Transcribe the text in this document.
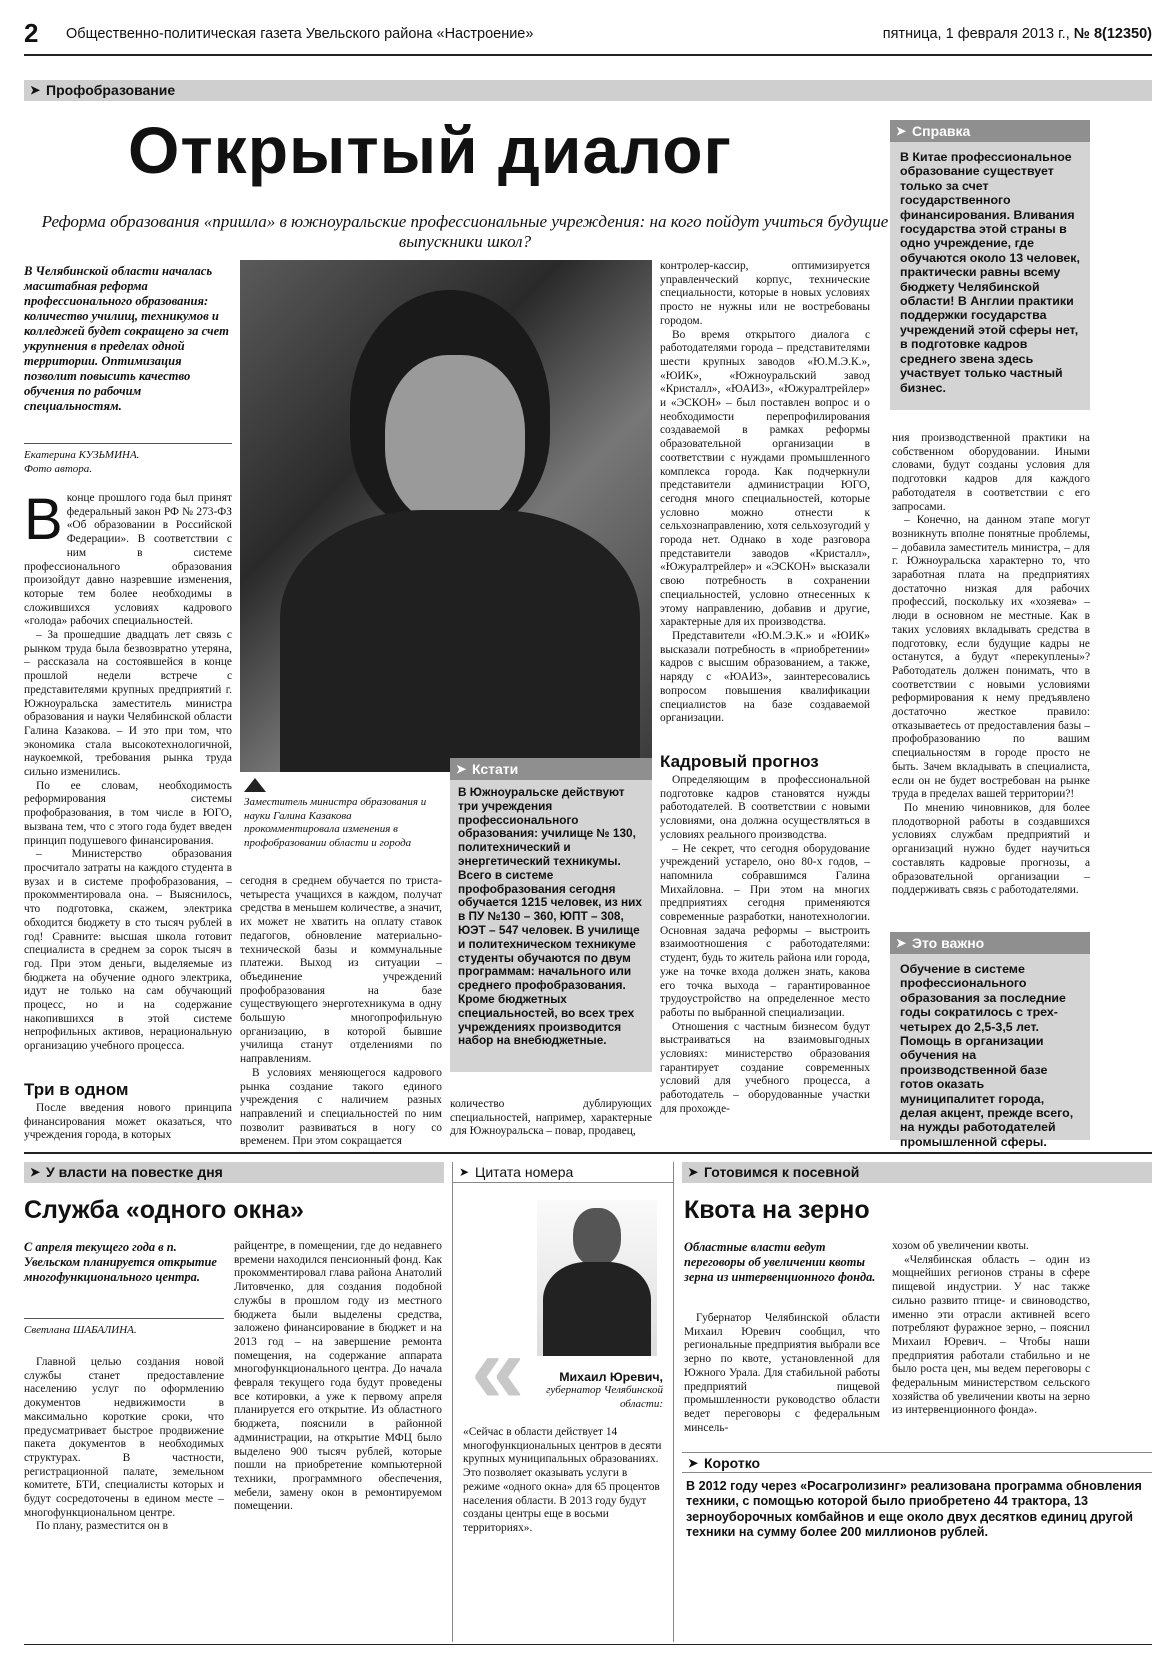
2 Общественно-политическая газета Увельского района «Настроение»	пятница, 1 февраля 2013 г., № 8(12350)
➤ Профобразование
Открытый диалог

Реформа образования «пришла» в южноуральские профессиональные учреждения: на кого пойдут учиться будущие выпускники школ?

В Челябинской области началась масштабная реформа профессионального образования: количество училищ, техникумов и колледжей будет сокращено за счет укрупнения в пределах одной территории. Оптимизация позволит повысить качество обучения по рабочим специальностям.

Екатерина КУЗЬМИНА.
Фото автора.
В конце прошлого года был принят федеральный закон РФ № 273-ФЗ «Об образовании в Российской Федерации». В соответствии с ним в системе профессионального образования произойдут давно назревшие изменения, которые тем более необходимы в сложившихся условиях кадрового «голода» рабочих специальностей.

– За прошедшие двадцать лет связь с рынком труда была безвозвратно утеряна, – рассказала на состоявшейся в конце прошлой недели встрече с представителями крупных предприятий г. Южноуральска заместитель министра образования и науки Челябинской области Галина Казакова. – И это при том, что экономика стала высокотехнологичной, наукоемкой, требования рынка труда сильно изменились.

По ее словам, необходимость реформирования системы профобразования, в том числе в ЮГО, вызвана тем, что с этого года будет введен принцип подушевого финансирования.

– Министерство образования просчитало затраты на каждого студента в вузах и в системе профобразования, – прокомментировала она. – Выяснилось, что подготовка, скажем, электрика обходится бюджету в сто тысяч рублей в год! Сравните: высшая школа готовит специалиста в среднем за сорок тысяч в год. При этом деньги, выделяемые из бюджета на обучение одного электрика, идут не только на сам обучающий процесс, но и на содержание накопившихся в этой системе непрофильных активов, нерациональную организацию учебного процесса.

Три в одном

После введения нового принципа финансирования может оказаться, что учреждения города, в которых

Заместитель министра образования и науки Галина Казакова прокомментировала изменения в профобразовании области и города

➤ Кстати

В Южноуральске действуют три учреждения профессионального образования: училище № 130, политехнический и энергетический техникумы. Всего в системе профобразования сегодня обучается 1215 человек, из них в ПУ №130 – 360, ЮПТ – 308, ЮЭТ – 547 человек. В училище и политехническом техникуме студенты обучаются по двум программам: начального или среднего профобразования. Кроме бюджетных специальностей, во всех трех учреждениях производится набор на внебюджетные.

сегодня в среднем обучается по триста-четыреста учащихся в каждом, получат средства в меньшем количестве, а значит, их может не хватить на оплату ставок педагогов, обновление материально-технической базы и коммунальные платежи. Выход из ситуации – объединение учреждений профобразования на базе существующего энерготехникума в одну большую многопрофильную организацию, в которой бывшие училища станут отделениями по направлениям.

В условиях меняющегося кадрового рынка создание такого единого учреждения с наличием разных направлений и специальностей по ним позволит развиваться в ногу со временем. При этом сокращается

контролер-кассир, оптимизируется управленческий корпус, технические специальности, которые в новых условиях просто не нужны или не востребованы городом.

Во время открытого диалога с работодателями города – представителями шести крупных заводов «Ю.М.Э.К.», «ЮИК», «Южноуральский завод «Кристалл», «ЮАИЗ», «Южуралтрейлер» и «ЭСКОН» – был поставлен вопрос и о необходимости перепрофилирования создаваемой в рамках реформы образовательной организации в соответствии с нуждами промышленного комплекса города. Как подчеркнули представители администрации ЮГО, сегодня много специальностей, которые условно можно отнести к сельхознаправлению, хотя сельхозугодий у города нет. Однако в ходе разговора представители заводов «Кристалл», «Южуралтрейлер» и «ЭСКОН» высказали свою потребность в сохранении специальностей, условно отнесенных к этому направлению, добавив и другие, характерные для их производства.

Представители «Ю.М.Э.К.» и «ЮИК» высказали потребность в «приобретении» кадров с высшим образованием, а также, наряду с «ЮАИЗ», заинтересовались вопросом повышения квалификации специалистов на базе создаваемой организации.

Кадровый прогноз

Определяющим в профессиональной подготовке кадров становятся нужды работодателей. В соответствии с новыми условиями, она должна осуществляться в условиях реального производства.

– Не секрет, что сегодня оборудование учреждений устарело, оно 80-х годов, – напомнила собравшимся Галина Михайловна. – При этом на многих предприятиях сегодня применяются современные разработки, нанотехнологии. Основная задача реформы – выстроить взаимоотношения с работодателями: студент, будь то житель района или города, уже на точке входа должен знать, какова его точка выхода – гарантированное трудоустройство на определенное место работы по выбранной специализации.

Отношения с частным бизнесом будут выстраиваться на взаимовыгодных условиях: министерство образования гарантирует создание современных условий для учебного процесса, а работодатель – оборудованные участки для прохожде-

количество дублирующих специальностей, например, характерные для Южноуральска – повар, продавец,

➤ Справка

В Китае профессиональное образование существует только за счет государственного финансирования. Вливания государства этой страны в одно учреждение, где обучаются около 13 человек, практически равны всему бюджету Челябинской области! В Англии практики поддержки государства учреждений этой сферы нет, в подготовке кадров среднего звена здесь участвует только частный бизнес.

ния производственной практики на собственном оборудовании. Иными словами, будут созданы условия для подготовки кадров для каждого работодателя в соответствии с его запросами.

– Конечно, на данном этапе могут возникнуть вполне понятные проблемы, – добавила заместитель министра, – для г. Южноуральска характерно то, что заработная плата на предприятиях достаточно низкая для рабочих профессий, поскольку их «хозяева» – люди в основном не местные. Как в таких условиях вкладывать средства в подготовку, если будущие кадры не останутся, а будут «перекуплены»? Работодатель должен понимать, что в соответствии с новыми условиями реформирования к нему предъявлено достаточно жесткое правило: отказываетесь от предоставления базы – профобразованию по вашим специальностям в городе просто не быть. Зачем вкладывать в специалиста, если он не будет востребован на рынке труда в пределах вашей территории?!

По мнению чиновников, для более плодотворной работы в создавшихся условиях службам предприятий и организаций нужно будет научиться составлять кадровые прогнозы, а образовательной организации – поддерживать связь с работодателями.

➤ Это важно

Обучение в системе профессионального образования за последние годы сократилось с трех-четырех до 2,5-3,5 лет. Помощь в организации обучения на производственной базе готов оказать муниципалитет города, делая акцент, прежде всего, на нужды работодателей промышленной сферы.

➤ У власти на повестке дня
Служба «одного окна»

С апреля текущего года в п. Увельском планируется открытие многофункционального центра.

Светлана ШАБАЛИНА.

Главной целью создания новой службы станет предоставление населению услуг по оформлению документов недвижимости в максимально короткие сроки, что предусматривает быстрое продвижение пакета документов в необходимых структурах. В частности, регистрационной палате, земельном комитете, БТИ, специалисты которых и будут сосредоточены в едином месте – многофункциональном центре.

По плану, разместится он в

райцентре, в помещении, где до недавнего времени находился пенсионный фонд. Как прокомментировал глава района Анатолий Литовченко, для создания подобной службы в прошлом году из местного бюджета были выделены средства, заложено финансирование в бюджет и на 2013 год – на завершение ремонта помещения, на содержание аппарата многофункционального центра. До начала февраля текущего года будут проведены все котировки, а уже к первому апреля планируется его открытие. Из областного бюджета, пояснили в районной администрации, на открытие МФЦ было выделено 900 тысяч рублей, которые пошли на приобретение компьютерной техники, программного обеспечения, мебели, замену окон в ремонтируемом помещении.

➤ Цитата номера
«	Михаил Юревич,
губернатор Челябинской области:

«Сейчас в области действует 14 многофункциональных центров в десяти крупных муниципальных образованиях. Это позволяет оказывать услуги в режиме «одного окна» для 65 процентов населения области. В 2013 году будут созданы центры еще в восьми территориях».

➤ Готовимся к посевной
Квота на зерно

Областные власти ведут переговоры об увеличении квоты зерна из интервенционного фонда.

Губернатор Челябинской области Михаил Юревич сообщил, что региональные предприятия выбрали все зерно по квоте, установленной для Южного Урала. Для стабильной работы предприятий пищевой промышленности руководство области ведет переговоры с федеральным минсель-

хозом об увеличении квоты.

«Челябинская область – один из мощнейших регионов страны в сфере пищевой индустрии. У нас также сильно развито птице- и свиноводство, именно эти отрасли активней всего потребляют фуражное зерно, – пояснил Михаил Юревич. – Чтобы наши предприятия работали стабильно и не было роста цен, мы ведем переговоры с федеральным министерством сельского хозяйства об увеличении квоты на зерно из интервенционного фонда».

➤ Коротко

В 2012 году через «Росагролизинг» реализована программа обновления техники, с помощью которой было приобретено 44 трактора, 13 зерноуборочных комбайнов и еще около двух десятков единиц другой техники на сумму более 200 миллионов рублей.
